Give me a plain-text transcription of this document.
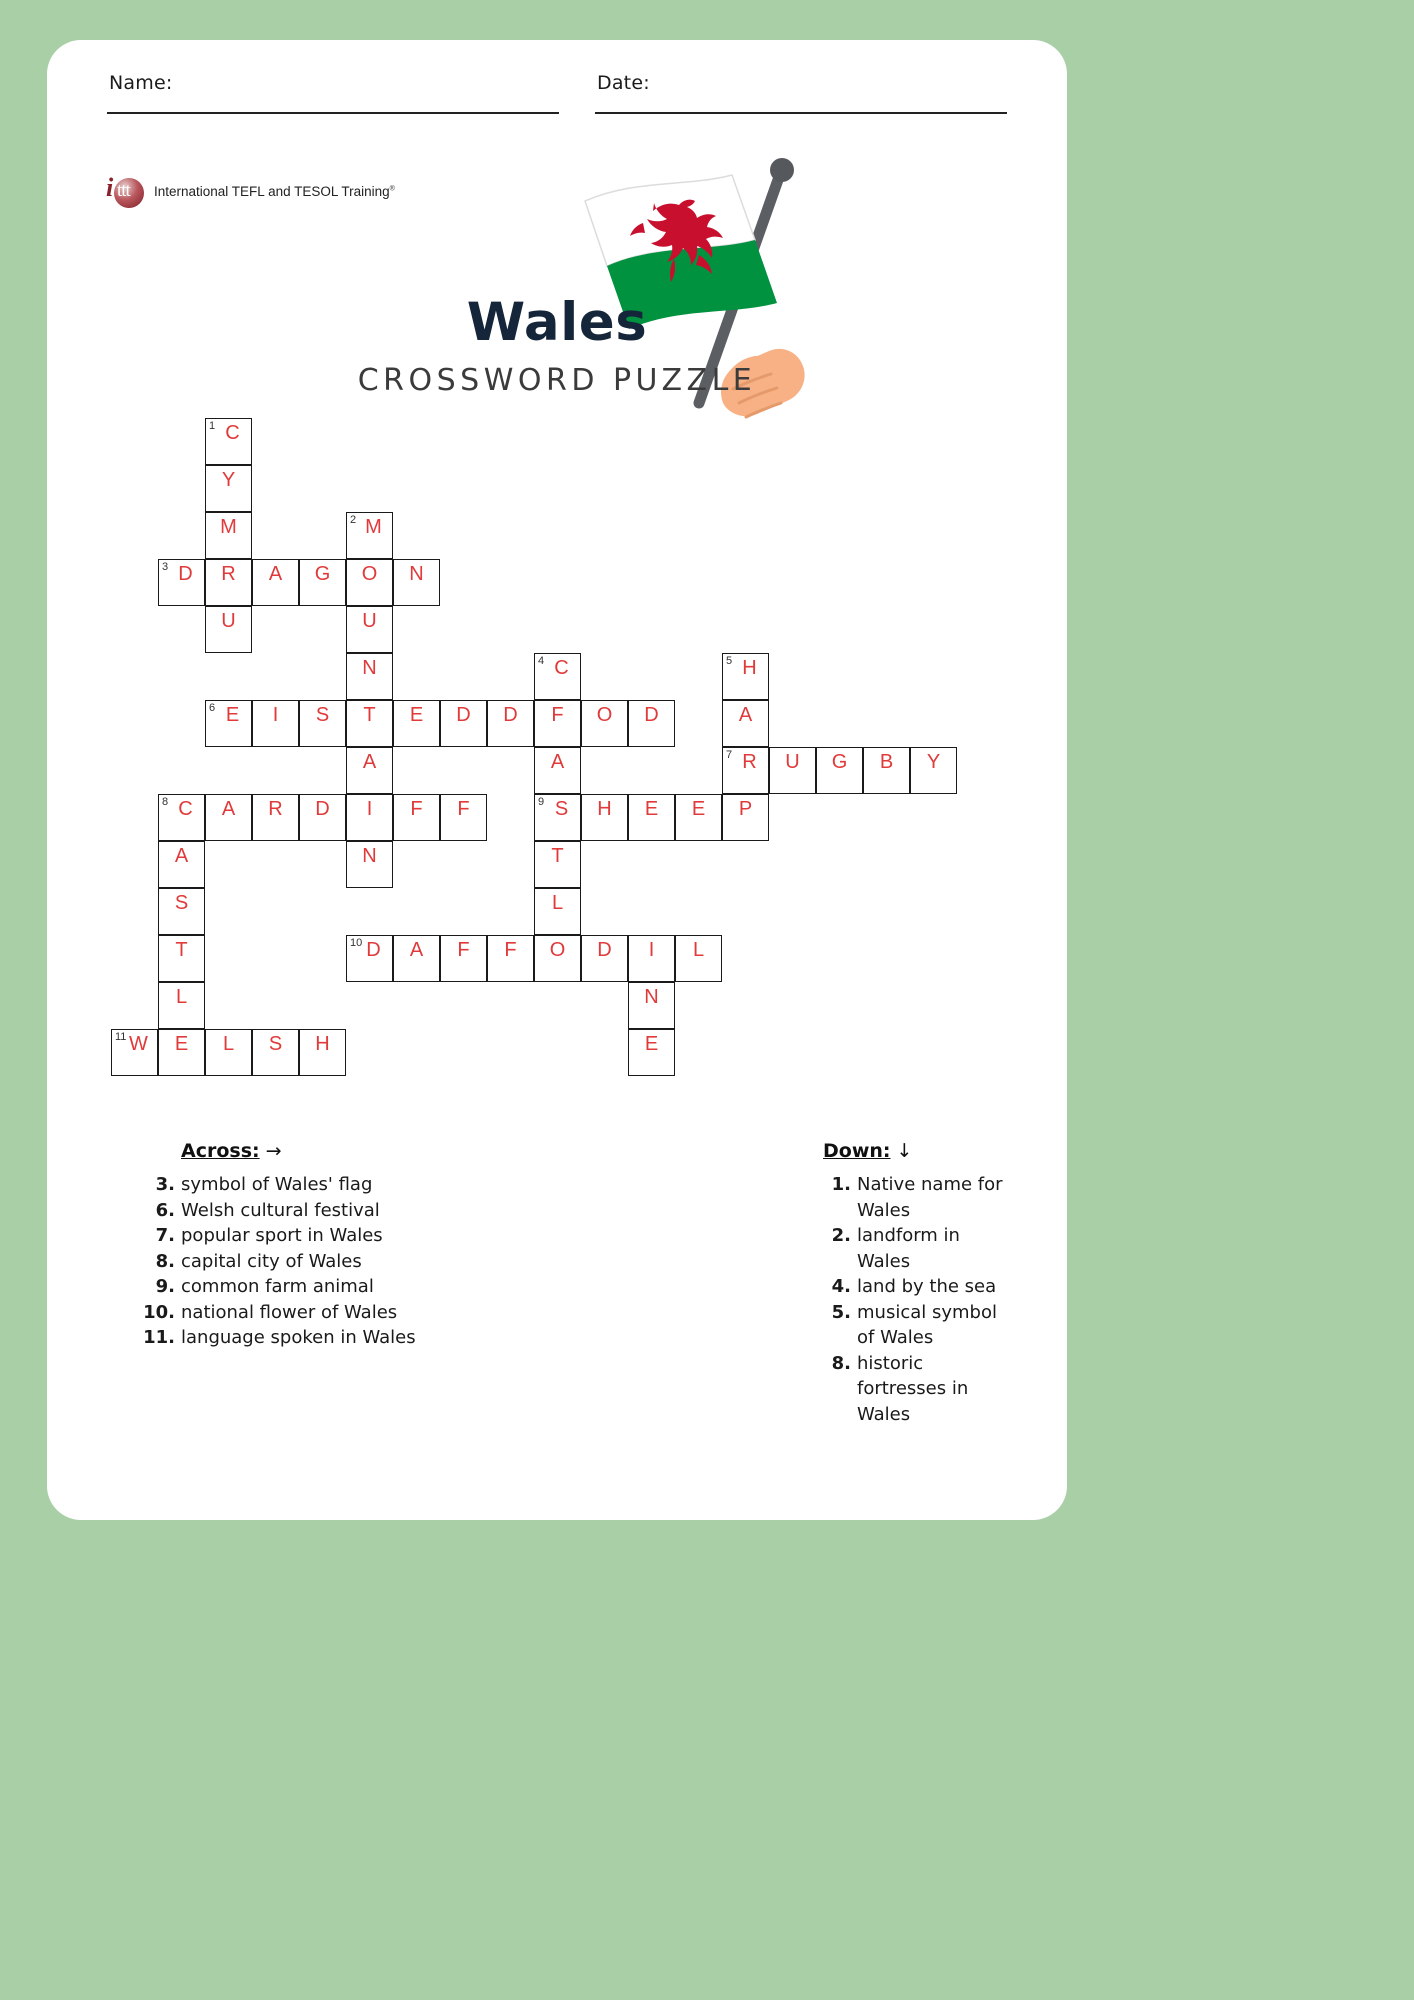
Name:	Date:
i ttt International TEFL and TESOL Training®
Wales
CROSSWORD PUZZLE
1 C
Y
M	2 M
3 D	R	A	G	O	N
U	U
N	4 C	5 H
6 E	I	S	T	E	D	D	F	O	D	A
A	A	7 R	U	G	B	Y
8 C	A	R	D	I	F	F	9 S	H	E	E	P
A	N	T
S	L
T	10 D	A	F	F	O	D	I	L
L	N
11 W	E	L	S	H	E
Across: →
3. symbol of Wales' flag
6. Welsh cultural festival
7. popular sport in Wales
8. capital city of Wales
9. common farm animal
10. national flower of Wales
11. language spoken in Wales
Down: ↓
1. Native name for Wales
2. landform in Wales
4. land by the sea
5. musical symbol of Wales
8. historic fortresses in Wales
